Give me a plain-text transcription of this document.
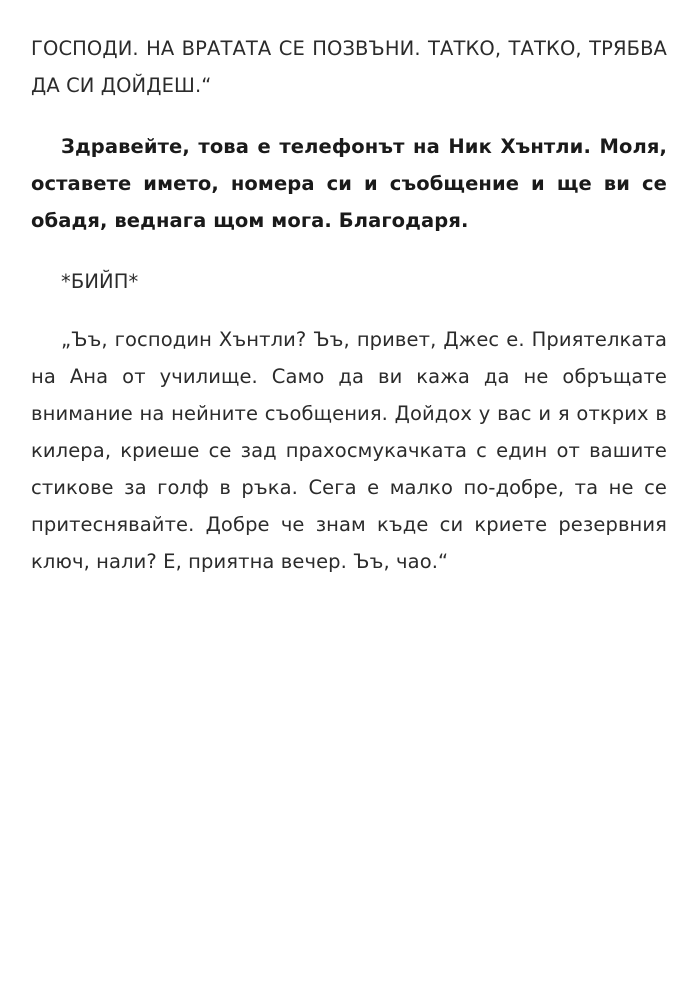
ГОСПОДИ. НА ВРАТАТА СЕ ПОЗВЪНИ. ТАТКО, ТАТКО, ТРЯБВА ДА СИ ДОЙДЕШ.“

Здравейте, това е телефонът на Ник Хънтли. Моля, оставете името, номера си и съобщение и ще ви се обадя, веднага щом мога. Благодаря.

*БИЙП*

„Ъъ, господин Хънтли? Ъъ, привет, Джес е. Приятелката на Ана от училище. Само да ви кажа да не обръщате внимание на нейните съобщения. Дойдох у вас и я открих в килера, криеше се зад прахосмукачката с един от вашите стикове за голф в ръка. Сега е малко по-добре, та не се притеснявайте. Добре че знам къде си криете резервния ключ, нали? Е, приятна вечер. Ъъ, чао.“
